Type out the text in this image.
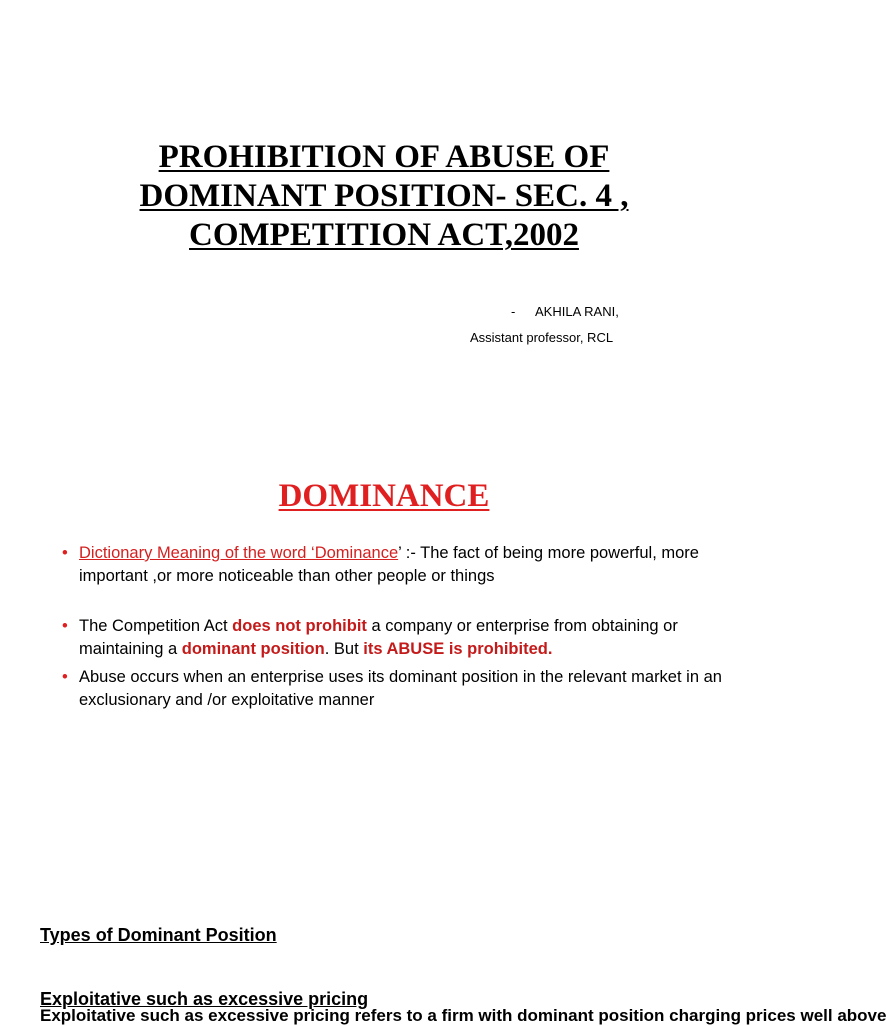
PROHIBITION OF ABUSE OF
DOMINANT POSITION- SEC. 4 ,
COMPETITION ACT,2002
- AKHILA RANI,
Assistant professor, RCL
DOMINANCE
• Dictionary Meaning of the word ‘Dominance’ :- The fact of being more powerful, more important ,or more noticeable than other people or things
• The Competition Act does not prohibit a company or enterprise from obtaining or maintaining a dominant position. But its ABUSE is prohibited.
• Abuse occurs when an enterprise uses its dominant position in the relevant market in an exclusionary and /or exploitative manner
Types of Dominant Position
Exploitative such as excessive pricing
Exploitative such as excessive pricing refers to a firm with dominant position charging prices well above
